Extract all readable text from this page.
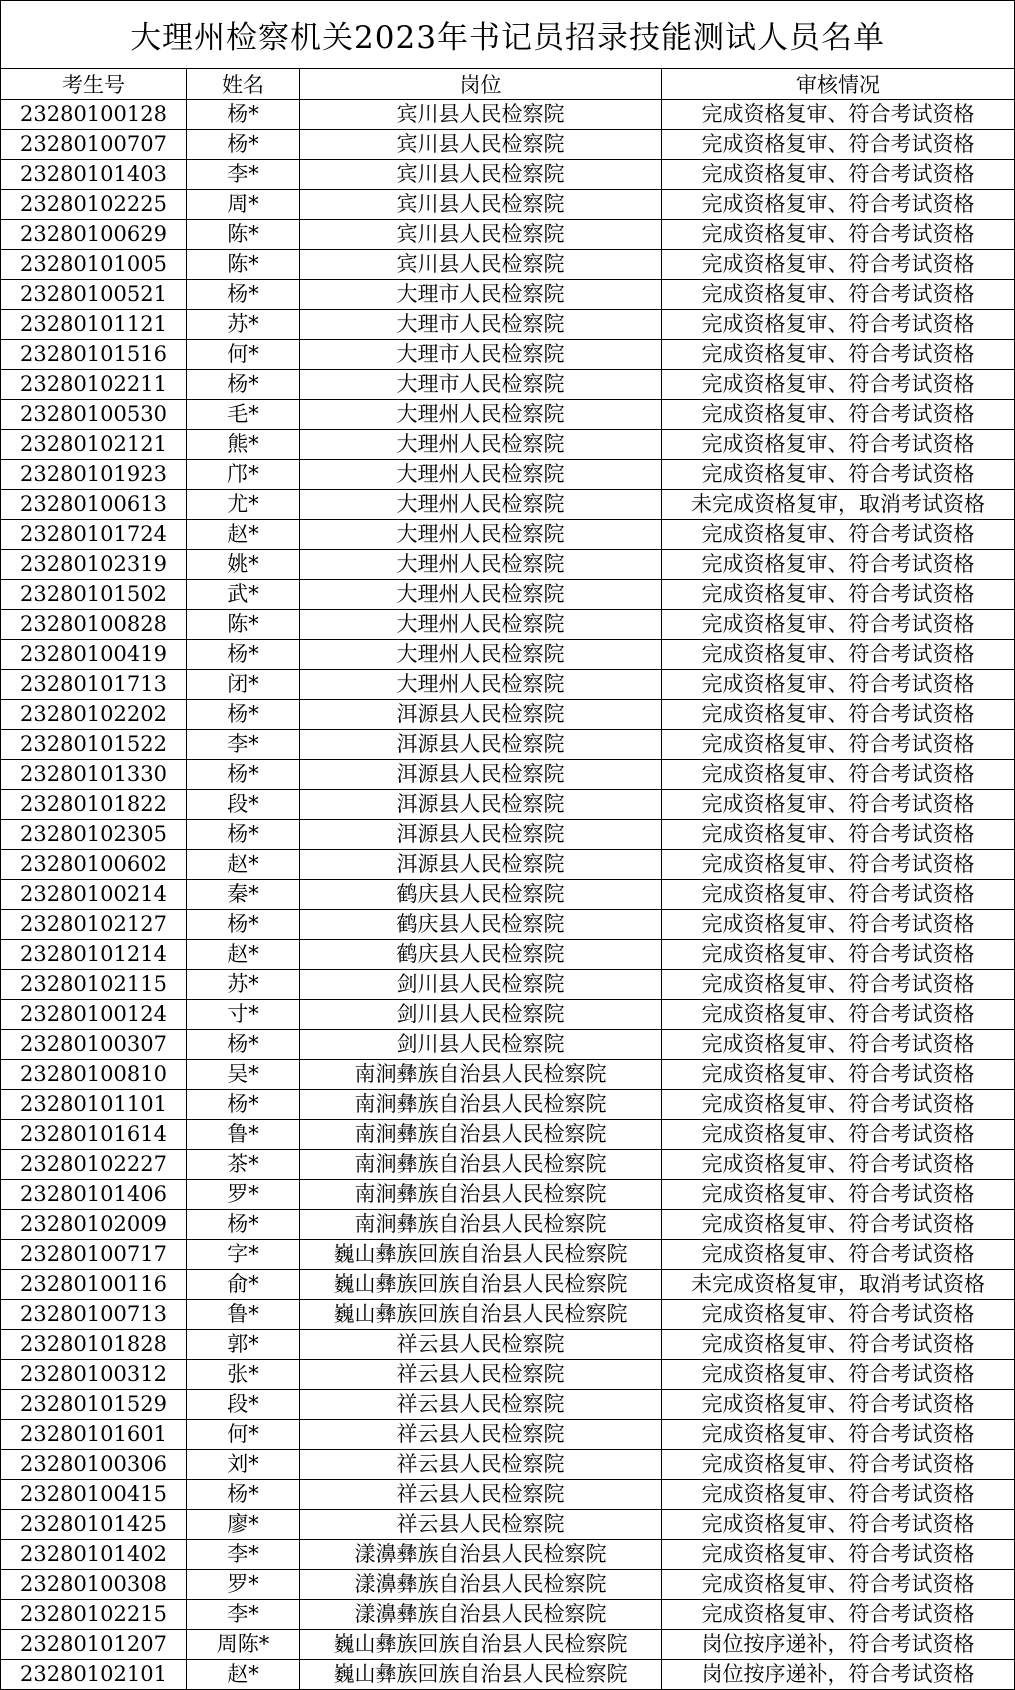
大理州检察机关2023年书记员招录技能测试人员名单			
考生号	姓名	岗位	审核情况
23280100128	杨*	宾川县人民检察院	完成资格复审、符合考试资格
23280100707	杨*	宾川县人民检察院	完成资格复审、符合考试资格
23280101403	李*	宾川县人民检察院	完成资格复审、符合考试资格
23280102225	周*	宾川县人民检察院	完成资格复审、符合考试资格
23280100629	陈*	宾川县人民检察院	完成资格复审、符合考试资格
23280101005	陈*	宾川县人民检察院	完成资格复审、符合考试资格
23280100521	杨*	大理市人民检察院	完成资格复审、符合考试资格
23280101121	苏*	大理市人民检察院	完成资格复审、符合考试资格
23280101516	何*	大理市人民检察院	完成资格复审、符合考试资格
23280102211	杨*	大理市人民检察院	完成资格复审、符合考试资格
23280100530	毛*	大理州人民检察院	完成资格复审、符合考试资格
23280102121	熊*	大理州人民检察院	完成资格复审、符合考试资格
23280101923	邝*	大理州人民检察院	完成资格复审、符合考试资格
23280100613	尤*	大理州人民检察院	未完成资格复审，取消考试资格
23280101724	赵*	大理州人民检察院	完成资格复审、符合考试资格
23280102319	姚*	大理州人民检察院	完成资格复审、符合考试资格
23280101502	武*	大理州人民检察院	完成资格复审、符合考试资格
23280100828	陈*	大理州人民检察院	完成资格复审、符合考试资格
23280100419	杨*	大理州人民检察院	完成资格复审、符合考试资格
23280101713	闭*	大理州人民检察院	完成资格复审、符合考试资格
23280102202	杨*	洱源县人民检察院	完成资格复审、符合考试资格
23280101522	李*	洱源县人民检察院	完成资格复审、符合考试资格
23280101330	杨*	洱源县人民检察院	完成资格复审、符合考试资格
23280101822	段*	洱源县人民检察院	完成资格复审、符合考试资格
23280102305	杨*	洱源县人民检察院	完成资格复审、符合考试资格
23280100602	赵*	洱源县人民检察院	完成资格复审、符合考试资格
23280100214	秦*	鹤庆县人民检察院	完成资格复审、符合考试资格
23280102127	杨*	鹤庆县人民检察院	完成资格复审、符合考试资格
23280101214	赵*	鹤庆县人民检察院	完成资格复审、符合考试资格
23280102115	苏*	剑川县人民检察院	完成资格复审、符合考试资格
23280100124	寸*	剑川县人民检察院	完成资格复审、符合考试资格
23280100307	杨*	剑川县人民检察院	完成资格复审、符合考试资格
23280100810	吴*	南涧彝族自治县人民检察院	完成资格复审、符合考试资格
23280101101	杨*	南涧彝族自治县人民检察院	完成资格复审、符合考试资格
23280101614	鲁*	南涧彝族自治县人民检察院	完成资格复审、符合考试资格
23280102227	茶*	南涧彝族自治县人民检察院	完成资格复审、符合考试资格
23280101406	罗*	南涧彝族自治县人民检察院	完成资格复审、符合考试资格
23280102009	杨*	南涧彝族自治县人民检察院	完成资格复审、符合考试资格
23280100717	字*	巍山彝族回族自治县人民检察院	完成资格复审、符合考试资格
23280100116	俞*	巍山彝族回族自治县人民检察院	未完成资格复审，取消考试资格
23280100713	鲁*	巍山彝族回族自治县人民检察院	完成资格复审、符合考试资格
23280101828	郭*	祥云县人民检察院	完成资格复审、符合考试资格
23280100312	张*	祥云县人民检察院	完成资格复审、符合考试资格
23280101529	段*	祥云县人民检察院	完成资格复审、符合考试资格
23280101601	何*	祥云县人民检察院	完成资格复审、符合考试资格
23280100306	刘*	祥云县人民检察院	完成资格复审、符合考试资格
23280100415	杨*	祥云县人民检察院	完成资格复审、符合考试资格
23280101425	廖*	祥云县人民检察院	完成资格复审、符合考试资格
23280101402	李*	漾濞彝族自治县人民检察院	完成资格复审、符合考试资格
23280100308	罗*	漾濞彝族自治县人民检察院	完成资格复审、符合考试资格
23280102215	李*	漾濞彝族自治县人民检察院	完成资格复审、符合考试资格
23280101207	周陈*	巍山彝族回族自治县人民检察院	岗位按序递补，符合考试资格
23280102101	赵*	巍山彝族回族自治县人民检察院	岗位按序递补，符合考试资格
